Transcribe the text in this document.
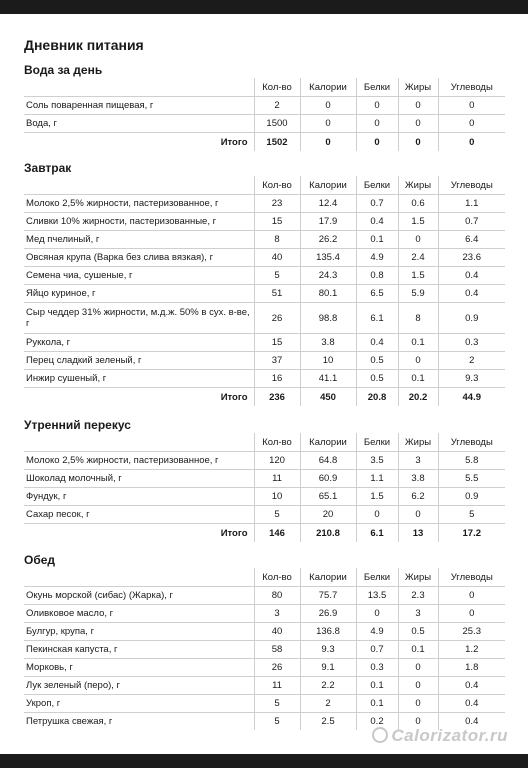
Дневник питания
Вода за день
	Кол-во	Калории	Белки	Жиры	Углеводы
Соль поваренная пищевая, г	2	0	0	0	0
Вода, г	1500	0	0	0	0
Итого	1502	0	0	0	0
Завтрак
	Кол-во	Калории	Белки	Жиры	Углеводы
Молоко 2,5% жирности, пастеризованное, г	23	12.4	0.7	0.6	1.1
Сливки 10% жирности, пастеризованные, г	15	17.9	0.4	1.5	0.7
Мед пчелиный, г	8	26.2	0.1	0	6.4
Овсяная крупа (Варка без слива вязкая), г	40	135.4	4.9	2.4	23.6
Семена чиа, сушеные, г	5	24.3	0.8	1.5	0.4
Яйцо куриное, г	51	80.1	6.5	5.9	0.4
Сыр чеддер 31% жирности, м.д.ж. 50% в сух. в-ве, г	26	98.8	6.1	8	0.9
Руккола, г	15	3.8	0.4	0.1	0.3
Перец сладкий зеленый, г	37	10	0.5	0	2
Инжир сушеный, г	16	41.1	0.5	0.1	9.3
Итого	236	450	20.8	20.2	44.9
Утренний перекус
	Кол-во	Калории	Белки	Жиры	Углеводы
Молоко 2,5% жирности, пастеризованное, г	120	64.8	3.5	3	5.8
Шоколад молочный, г	11	60.9	1.1	3.8	5.5
Фундук, г	10	65.1	1.5	6.2	0.9
Сахар песок, г	5	20	0	0	5
Итого	146	210.8	6.1	13	17.2
Обед
	Кол-во	Калории	Белки	Жиры	Углеводы
Окунь морской (сибас) (Жарка), г	80	75.7	13.5	2.3	0
Оливковое масло, г	3	26.9	0	3	0
Булгур, крупа, г	40	136.8	4.9	0.5	25.3
Пекинская капуста, г	58	9.3	0.7	0.1	1.2
Морковь, г	26	9.1	0.3	0	1.8
Лук зеленый (перо), г	11	2.2	0.1	0	0.4
Укроп, г	5	2	0.1	0	0.4
Петрушка свежая, г	5	2.5	0.2	0	0.4
Calorizator.ru
